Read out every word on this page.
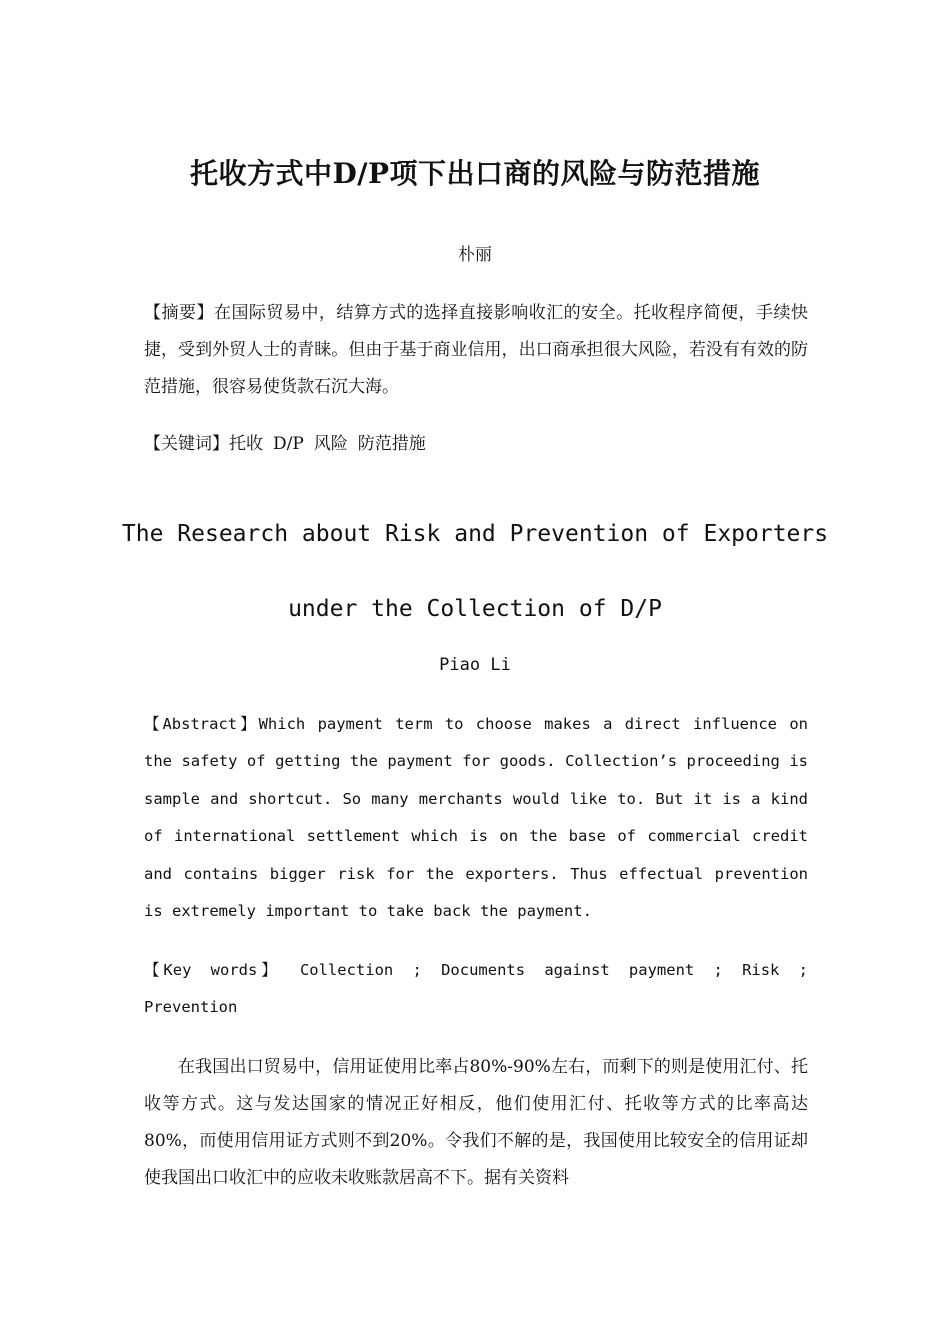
托收方式中D/P项下出口商的风险与防范措施
朴丽
【摘要】在国际贸易中，结算方式的选择直接影响收汇的安全。托收程序简便，手续快捷，受到外贸人士的青睐。但由于基于商业信用，出口商承担很大风险，若没有有效的防范措施，很容易使货款石沉大海。
【关键词】托收 D/P 风险 防范措施
The Research about Risk and Prevention of Exporters
under the Collection of D/P
Piao Li
【Abstract】Which payment term to choose makes a direct influence on the safety of getting the payment for goods. Collection’s proceeding is sample and shortcut. So many merchants would like to. But it is a kind of international settlement which is on the base of commercial credit and contains bigger risk for the exporters. Thus effectual prevention is extremely important to take back the payment.
【Key words】 Collection ; Documents against payment ; Risk ; Prevention
在我国出口贸易中，信用证使用比率占80%-90%左右，而剩下的则是使用汇付、托收等方式。这与发达国家的情况正好相反，他们使用汇付、托收等方式的比率高达80%，而使用信用证方式则不到20%。令我们不解的是，我国使用比较安全的信用证却使我国出口收汇中的应收未收账款居高不下。据有关资料
